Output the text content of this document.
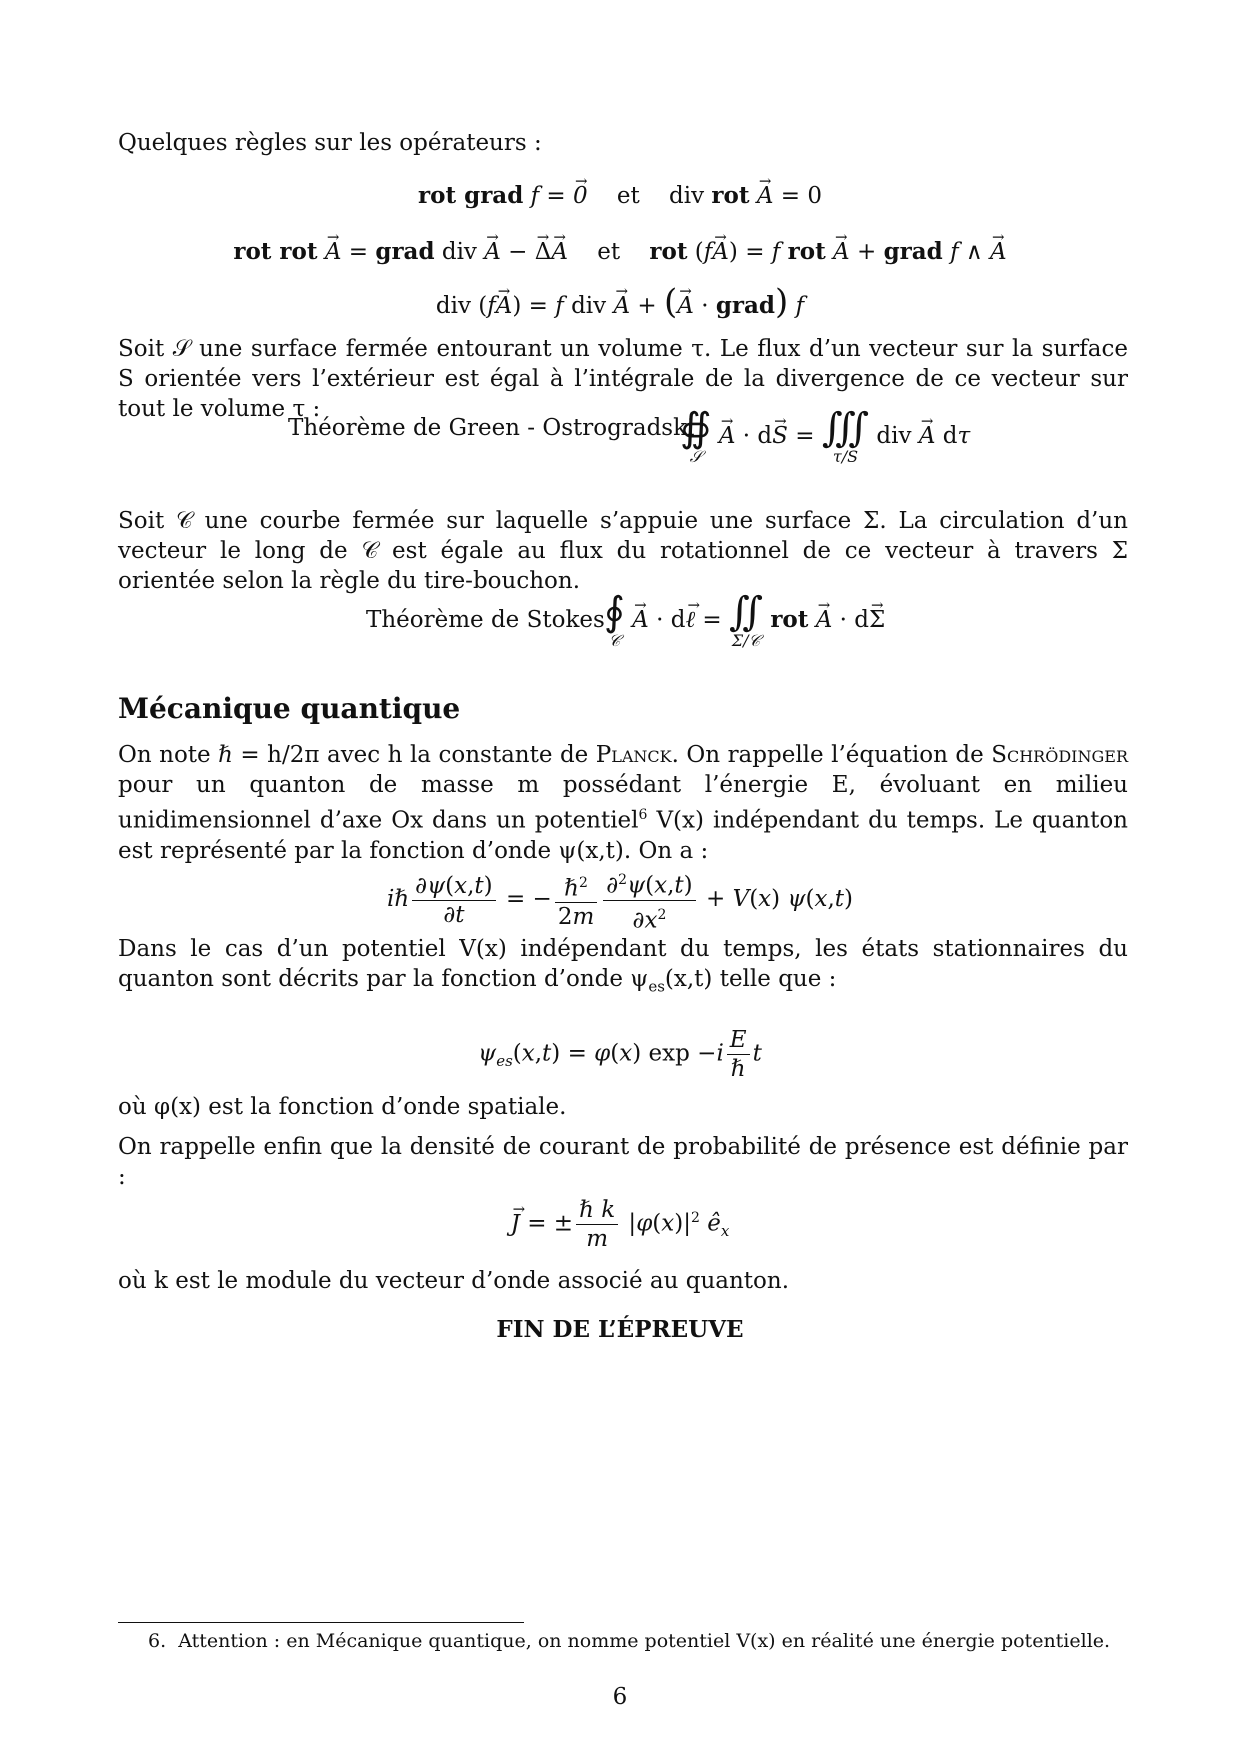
Quelques règles sur les opérateurs :
rot grad f = → 0 et    div rot → A = 0
rot rot → A = grad div → A − → Δ→ A et rot (f→ A) = f rot → A + grad f ∧ → A
div (f→ A) = f div → A + (→ A · grad) f
Soit 𝒮 une surface fermée entourant un volume τ. Le flux d’un vecteur sur la surface S orientée vers l’extérieur est égal à l’intégrale de la divergence de ce vecteur sur tout le volume τ :
Théorème de Green - Ostrogradski
∯
𝒮
→ A · d→ S = ∭
τ/S
div → A dτ
Soit 𝒞 une courbe fermée sur laquelle s’appuie une surface Σ. La circulation d’un vecteur le long de 𝒞 est égale au flux du rotationnel de ce vecteur à travers Σ orientée selon la règle du tire-bouchon.
Théorème de Stokes ∮
𝒞
→ A · d→ ℓ = ∬
Σ/𝒞
rot → A · d→ Σ
Mécanique quantique
On note ℏ = h/2π avec h la constante de Planck. On rappelle l’équation de Schrödinger pour un quanton de masse m possédant l’énergie E, évoluant en milieu unidimensionnel d’axe Ox dans un potentiel$^6$ V(x) indépendant du temps. Le quanton est représenté par la fonction d’onde ψ(x,t). On a :
iℏ $\frac{\partial\psi(x,t)}{\partial t}$ = − $\frac{\hbar^2}{2m} \frac{\partial^2\psi(x,t)}{\partial x^2} + V(x)$ ψ(x,t)
Dans le cas d’un potentiel V(x) indépendant du temps, les états stationnaires du quanton sont décrits par la fonction d’onde $\psi_{es}(x,t)$ telle que :
$\psi_{es}(x,t) = \varphi(x)$ $\exp -i \frac{E}{\text{ℏ}}$ t
où φ(x) est la fonction d’onde spatiale.
On rappelle enfin que la densité de courant de probabilité de présence est définie par :
→ J = ± $\frac{\text{ℏ k}}{m} |\varphi(x)|^2$ $ê_x$
où k est le module du vecteur d’onde associé au quanton.
FIN DE L’ÉPREUVE
6. Attention : en Mécanique quantique, on nomme potentiel V(x) en réalité une énergie potentielle.
6
